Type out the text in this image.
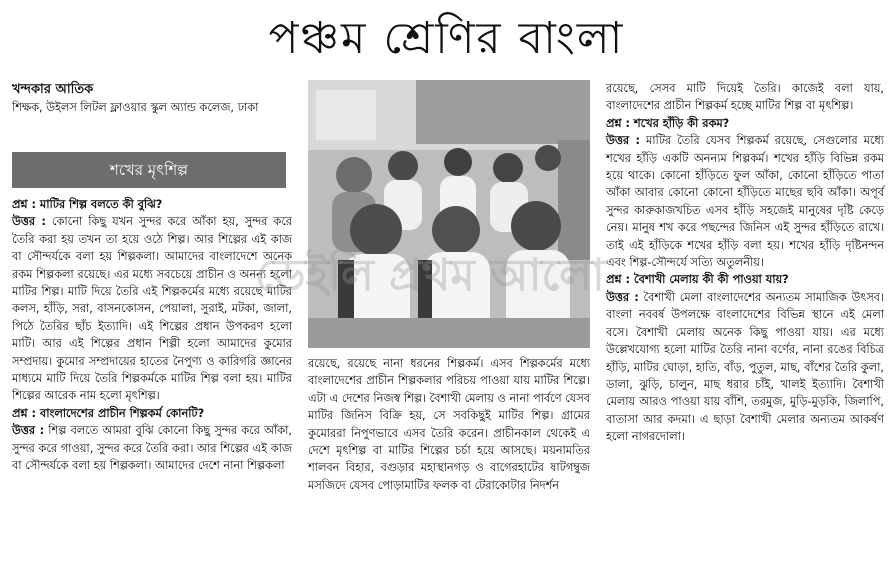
পঞ্চম শ্রেণির বাংলা
খন্দকার আতিক
শিক্ষক, উইলস লিটল ফ্লাওয়ার স্কুল অ্যান্ড কলেজ, ঢাকা
শখের মৃৎশিল্প

প্রশ্ন : মাটির শিল্প বলতে কী বুঝি?

উত্তর : কোনো কিছু যখন সুন্দর করে আঁকা হয়, সুন্দর করে তৈরি করা হয় তখন তা হয়ে ওঠে শিল্প। আর শিল্পের এই কাজ বা সৌন্দর্যকে বলা হয় শিল্পকলা। আমাদের বাংলাদেশে অনেক রকম শিল্পকলা রয়েছে। এর মধ্যে সবচেয়ে প্রাচীন ও অনন্য হলো মাটির শিল্প। মাটি দিয়ে তৈরি এই শিল্পকর্মের মধ্যে রয়েছে মাটির কলস, হাঁড়ি, সরা, বাসনকোসন, পেয়ালা, সুরাই, মটকা, জালা, পিঠে তৈরির ছাঁচ ইত্যাদি। এই শিল্পের প্রধান উপকরণ হলো মাটি। আর এই শিল্পের প্রধান শিল্পী হলো আমাদের কুমোর সম্প্রদায়। কুমোর সম্প্রদায়ের হাতের নৈপুণ্য ও কারিগরি জ্ঞানের মাধ্যমে মাটি দিয়ে তৈরি শিল্পকর্মকে মাটির শিল্প বলা হয়। মাটির শিল্পের আরেক নাম হলো মৃৎশিল্প।

প্রশ্ন : বাংলাদেশের প্রাচীন শিল্পকর্ম কোনটি?

উত্তর : শিল্প বলতে আমরা বুঝি কোনো কিছু সুন্দর করে আঁকা, সুন্দর করে গাওয়া, সুন্দর করে তৈরি করা। আর শিল্পের এই কাজ বা সৌন্দর্যকে বলা হয় শিল্পকলা। আমাদের দেশে নানা শিল্পকলা

রয়েছে, রয়েছে নানা ধরনের শিল্পকর্ম। এসব শিল্পকর্মের মধ্যে বাংলাদেশের প্রাচীন শিল্পকলার পরিচয় পাওয়া যায় মাটির শিল্পে। এটা এ দেশের নিজস্ব শিল্প। বৈশাখী মেলায় ও নানা পার্বণে যেসব মাটির জিনিস বিক্রি হয়, সে সবকিছুই মাটির শিল্প। গ্রামের কুমোররা নিপুণভাবে এসব তৈরি করেন। প্রাচীনকাল থেকেই এ দেশে মৃৎশিল্প বা মাটির শিল্পের চর্চা হয়ে আসছে। ময়নামতির শালবন বিহার, বগুড়ার মহাস্থানগড় ও বাগেরহাটের ষাটগম্বুজ মসজিদে যেসব পোড়ামাটির ফলক বা টেরাকোটার নিদর্শন

রয়েছে, সেসব মাটি দিয়েই তৈরি। কাজেই বলা যায়, বাংলাদেশের প্রাচীন শিল্পকর্ম হচ্ছে মাটির শিল্প বা মৃৎশিল্প।

প্রশ্ন : শখের হাঁড়ি কী রকম?

উত্তর : মাটির তৈরি যেসব শিল্পকর্ম রয়েছে, সেগুলোর মধ্যে শখের হাঁড়ি একটি অনন্যম শিল্পকর্ম। শখের হাঁড়ি বিভিন্ন রকম হয়ে থাকে। কোনো হাঁড়িতে ফুল আঁকা, কোনো হাঁড়িতে পাতা আঁকা আবার কোনো কোনো হাঁড়িতে মাছের ছবি আঁকা। অপূর্ব সুন্দর কারুকাজখচিত এসব হাঁড়ি সহজেই মানুষের দৃষ্টি কেড়ে নেয়। মানুষ শখ করে পছন্দের জিনিস এই সুন্দর হাঁড়িতে রাখে। তাই এই হাঁড়িকে শখের হাঁড়ি বলা হয়। শখের হাঁড়ি দৃষ্টিনন্দন এবং শিল্প-সৌন্দর্যে সত্যি অতুলনীয়।

প্রশ্ন : বৈশাখী মেলায় কী কী পাওয়া যায়?

উত্তর : বৈশাখী মেলা বাংলাদেশের অন্যতম সামাজিক উৎসব। বাংলা নববর্ষ উপলক্ষে বাংলাদেশের বিভিন্ন স্থানে এই মেলা বসে। বৈশাখী মেলায় অনেক কিছু পাওয়া যায়। এর মধ্যে উল্লেখযোগ্য হলো মাটির তৈরি নানা বর্ণের, নানা রঙের বিচিত্র হাঁড়ি, মাটির ঘোড়া, হাতি, বাঁড়, পুতুল, মাছ, বাঁশের তৈরি কুলা, ডালা, ঝুড়ি, চালুন, মাছ ধরার চাঁই, খালই ইত্যাদি। বৈশাখী মেলায় আরও পাওয়া যায় বাঁশি, তরমুজ, মুড়ি-মুড়কি, জিলাপি, বাতাসা আর কদমা। এ ছাড়া বৈশাখী মেলার অন্যতম আকর্ষণ হলো নাগরদোলা।

ডেইলি প্রথম আলো
